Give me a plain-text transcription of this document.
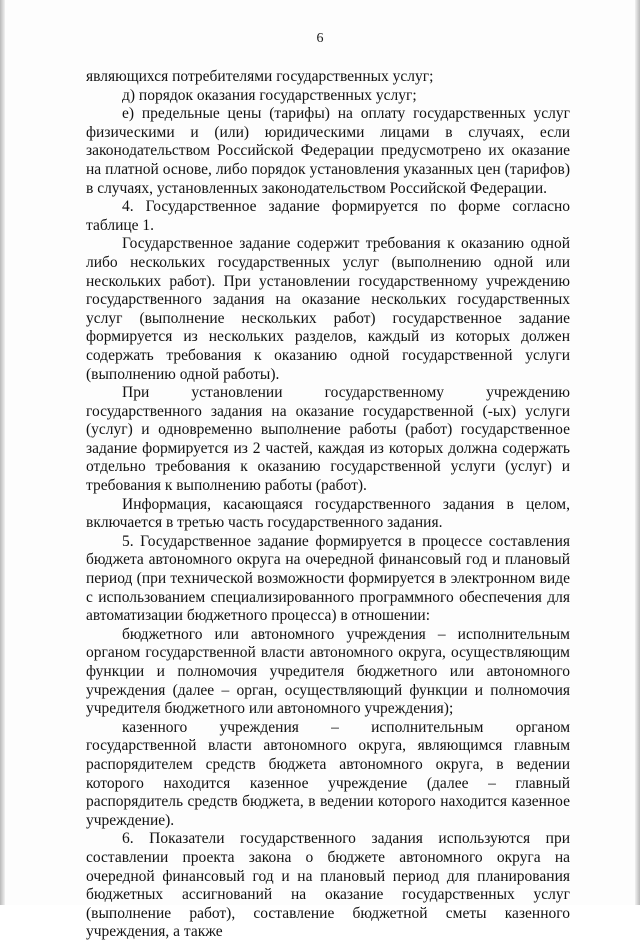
6

являющихся потребителями государственных услуг;

д) порядок оказания государственных услуг;

е) предельные цены (тарифы) на оплату государственных услуг физическими и (или) юридическими лицами в случаях, если законодательством Российской Федерации предусмотрено их оказание на платной основе, либо порядок установления указанных цен (тарифов) в случаях, установленных законодательством Российской Федерации.

4. Государственное задание формируется по форме согласно таблице 1.

Государственное задание содержит требования к оказанию одной либо нескольких государственных услуг (выполнению одной или нескольких работ). При установлении государственному учреждению государственного задания на оказание нескольких государственных услуг (выполнение нескольких работ) государственное задание формируется из нескольких разделов, каждый из которых должен содержать требования к оказанию одной государственной услуги (выполнению одной работы).

При установлении государственному учреждению государственного задания на оказание государственной (-ых) услуги (услуг) и одновременно выполнение работы (работ) государственное задание формируется из 2 частей, каждая из которых должна содержать отдельно требования к оказанию государственной услуги (услуг) и требования к выполнению работы (работ).

Информация, касающаяся государственного задания в целом, включается в третью часть государственного задания.

5. Государственное задание формируется в процессе составления бюджета автономного округа на очередной финансовый год и плановый период (при технической возможности формируется в электронном виде с использованием специализированного программного обеспечения для автоматизации бюджетного процесса) в отношении:

бюджетного или автономного учреждения – исполнительным органом государственной власти автономного округа, осуществляющим функции и полномочия учредителя бюджетного или автономного учреждения (далее – орган, осуществляющий функции и полномочия учредителя бюджетного или автономного учреждения);

казенного учреждения – исполнительным органом государственной власти автономного округа, являющимся главным распорядителем средств бюджета автономного округа, в ведении которого находится казенное учреждение (далее – главный распорядитель средств бюджета, в ведении которого находится казенное учреждение).

6. Показатели государственного задания используются при составлении проекта закона о бюджете автономного округа на очередной финансовый год и на плановый период для планирования бюджетных ассигнований на оказание государственных услуг (выполнение работ), составление бюджетной сметы казенного учреждения, а также
